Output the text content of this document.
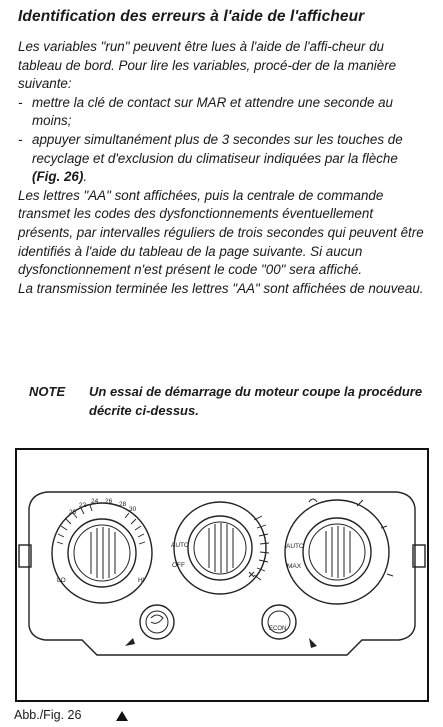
Identification des erreurs à l'aide de l'afficheur

Les variables "run" peuvent être lues à l'aide de l'affi-cheur du tableau de bord. Pour lire les variables, procé-der de la manière suivante:

- mettre la clé de contact sur MAR et attendre une seconde au moins;

- appuyer simultanément plus de 3 secondes sur les touches de recyclage et d'exclusion du climatiseur indiquées par la flèche (Fig. 26).

Les lettres "AA" sont affichées, puis la centrale de commande transmet les codes des dysfonctionnements éventuellement présents, par intervalles réguliers de trois secondes qui peuvent être identifiés à l'aide du tableau de la page suivante. Si aucun dysfonctionnement n'est présent le code "00" sera affiché.

La transmission terminée les lettres "AA" sont affichées de nouveau.

NOTE Un essai de démarrage du moteur coupe la procédure décrite ci-dessus.
20
22
24 26 28
30
LO	HI
AUTO
OFF
AUTO
MAX
ECON
Abb./Fig. 26
